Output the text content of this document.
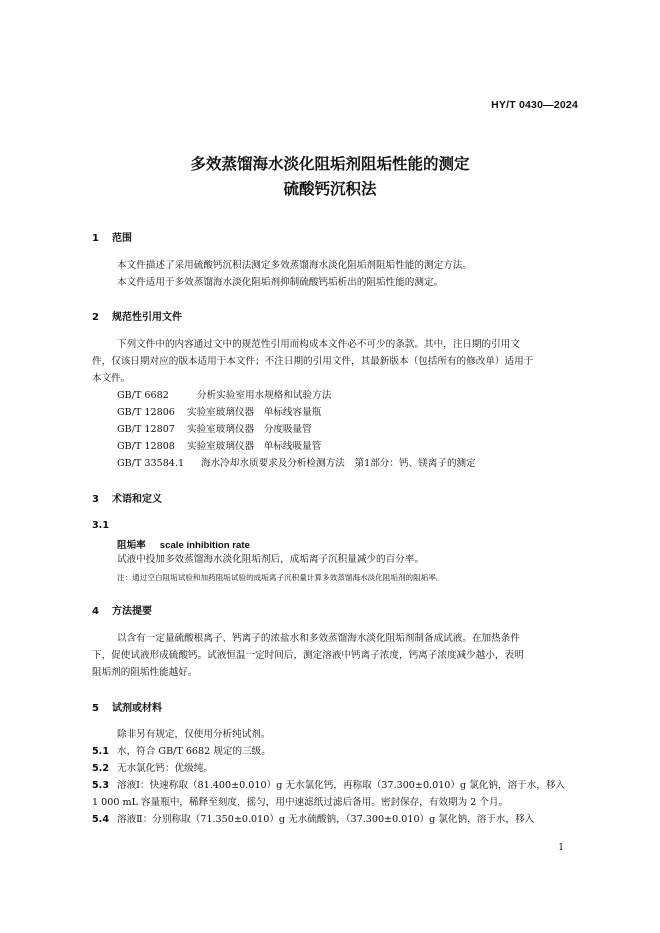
HY/T 0430—2024
多效蒸馏海水淡化阻垢剂阻垢性能的测定
硫酸钙沉积法
1 范围
本文件描述了采用硫酸钙沉积法测定多效蒸馏海水淡化阻垢剂阻垢性能的测定方法。
本文件适用于多效蒸馏海水淡化阻垢剂抑制硫酸钙垢析出的阻垢性能的测定。
2 规范性引用文件
下列文件中的内容通过文中的规范性引用而构成本文件必不可少的条款。其中，注日期的引用文
件，仅该日期对应的版本适用于本文件；不注日期的引用文件，其最新版本（包括所有的修改单）适用于
本文件。
GB/T 6682	分析实验室用水规格和试验方法
GB/T 12806 实验室玻璃仪器　单标线容量瓶
GB/T 12807 实验室玻璃仪器　分度吸量管
GB/T 12808 实验室玻璃仪器　单标线吸量管
GB/T 33584.1 海水冷却水质要求及分析检测方法　第1部分：钙、镁离子的测定
3 术语和定义
3.1
阻垢率 scale inhibition rate
试液中投加多效蒸馏海水淡化阻垢剂后，成垢离子沉积量减少的百分率。
注：通过空白阻垢试验和加药阻垢试验的成垢离子沉积量计算多效蒸馏海水淡化阻垢剂的阻垢率。
4 方法提要
以含有一定量硫酸根离子、钙离子的浓盐水和多效蒸馏海水淡化阻垢剂制备成试液。在加热条件
下，促使试液形成硫酸钙。试液恒温一定时间后，测定溶液中钙离子浓度，钙离子浓度减少越小，表明
阻垢剂的阻垢性能越好。
5 试剂或材料
除非另有规定，仅使用分析纯试剂。
5.1 水，符合 GB/T 6682 规定的三级。
5.2 无水氯化钙：优级纯。
5.3 溶液Ⅰ：快速称取（81.400±0.010）g 无水氯化钙，再称取（37.300±0.010）g 氯化钠，溶于水，移入
1 000 mL 容量瓶中，稀释至刻度，摇匀，用中速滤纸过滤后备用。密封保存，有效期为 2 个月。
5.4 溶液Ⅱ：分别称取（71.350±0.010）g 无水硫酸钠，（37.300±0.010）g 氯化钠，溶于水，移入
1
